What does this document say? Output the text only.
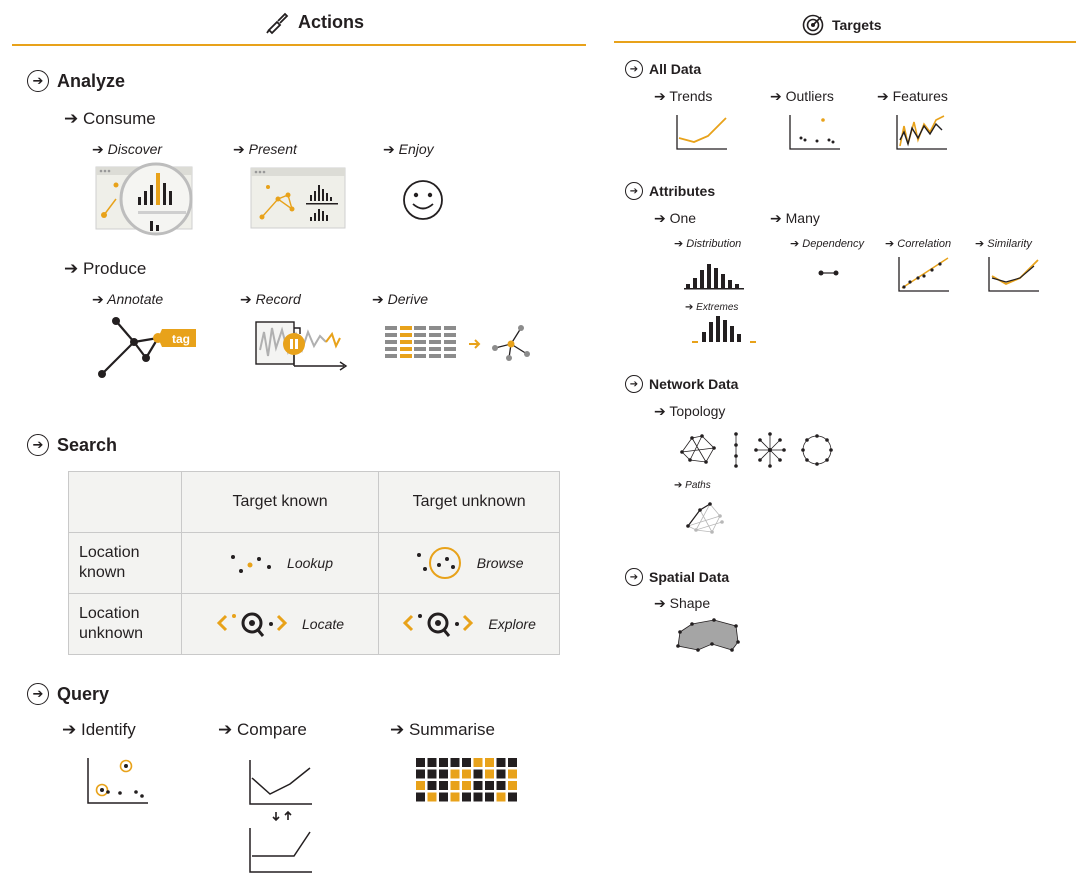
Actions
➔ Analyze
➔ Consume
➔ Discover	➔ Present	➔ Enjoy
➔ Produce
➔ Annotate	➔ Record	➔ Derive
tag
➔ Search
	Target known	Target unknown

Location
known	Lookup	Browse

Location
unknown	Locate	Explore
➔ Query
➔ Identify	➔ Compare	➔ Summarise
Targets
➔ All Data
➔ Trends	➔ Outliers	➔ Features
➔ Attributes
➔ One	➔ Many
➔ Distribution	➔ Dependency ➔ Correlation ➔ Similarity
➔ Extremes
➔ Network Data
➔ Topology
➔ Paths
➔ Spatial Data
➔ Shape
